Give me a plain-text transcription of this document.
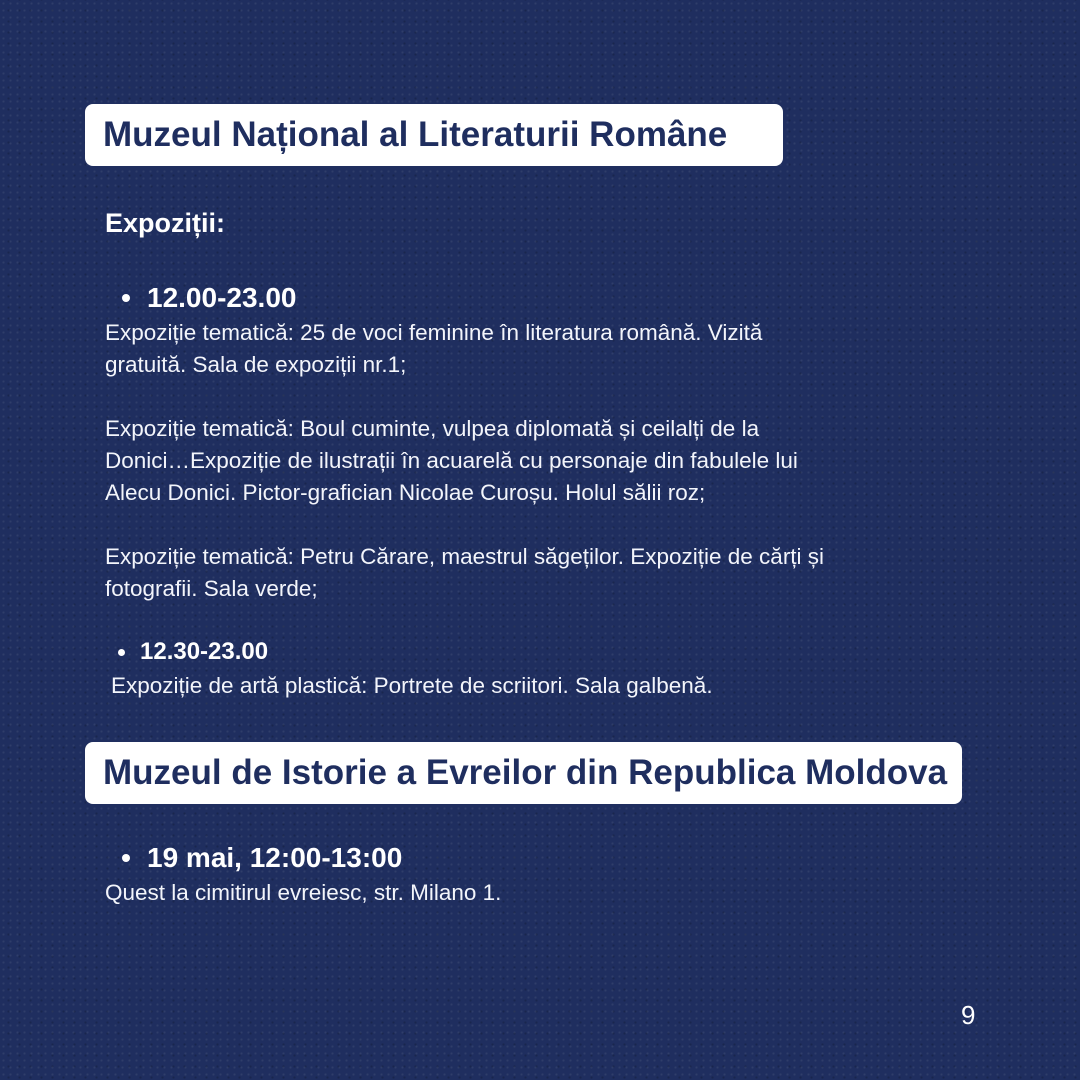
Muzeul Național al Literaturii Române
Expoziții:
12.00-23.00
Expoziție tematică: 25 de voci feminine în literatura română. Vizită
gratuită. Sala de expoziții nr.1;
Expoziție tematică: Boul cuminte, vulpea diplomată și ceilalți de la
Donici…Expoziție de ilustrații în acuarelă cu personaje din fabulele lui
Alecu Donici. Pictor-grafician Nicolae Curoșu. Holul sălii roz;
Expoziție tematică: Petru Cărare, maestrul săgeților. Expoziție de cărți și
fotografii. Sala verde;
12.30-23.00
Expoziție de artă plastică: Portrete de scriitori. Sala galbenă.
Muzeul de Istorie a Evreilor din Republica Moldova
19 mai, 12:00-13:00
Quest la cimitirul evreiesc, str. Milano 1.
9
